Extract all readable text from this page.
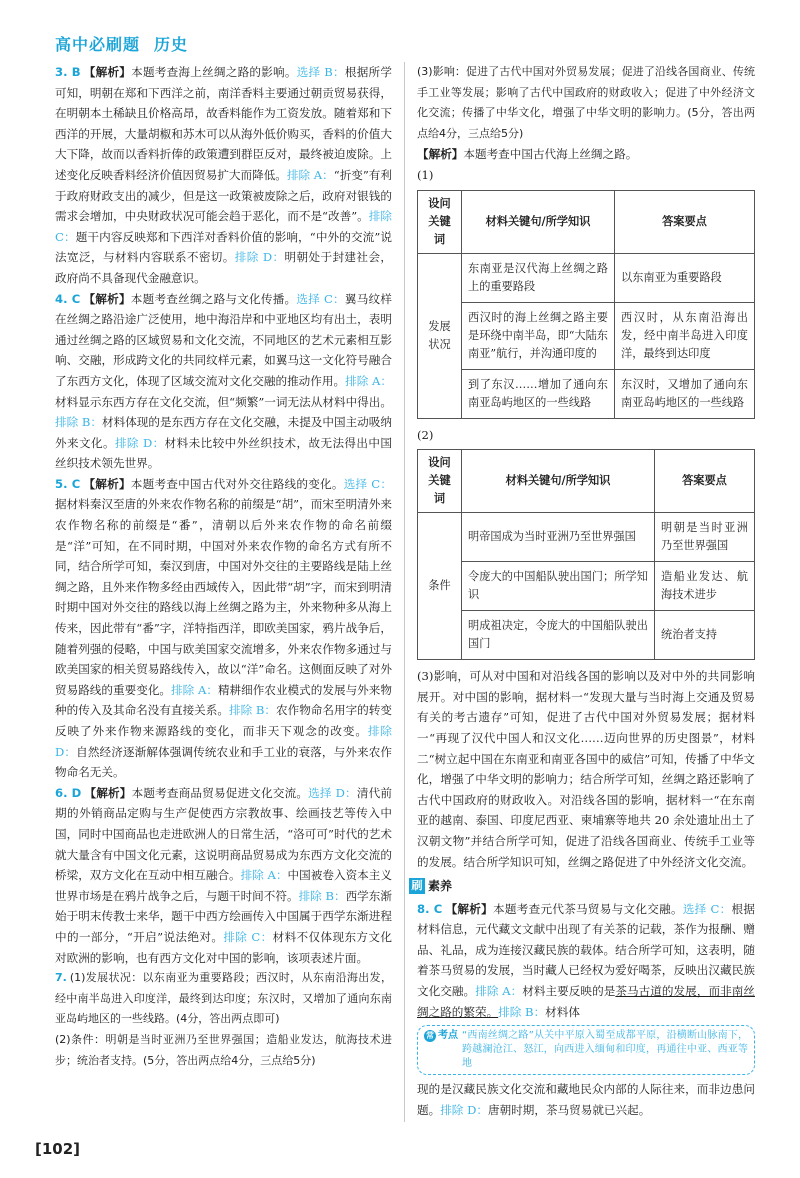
高中必刷题 历史

3. B 【解析】本题考查海上丝绸之路的影响。选择 B：根据所学可知，明朝在郑和下西洋之前，南洋香料主要通过朝贡贸易获得，在明朝本土稀缺且价格高昂，故香料能作为工资发放。随着郑和下西洋的开展，大量胡椒和苏木可以从海外低价购买，香料的价值大大下降，故而以香料折俸的政策遭到群臣反对，最终被迫废除。上述变化反映香料经济价值因贸易扩大而降低。排除 A：“折变”有利于政府财政支出的减少，但是这一政策被废除之后，政府对银钱的需求会增加，中央财政状况可能会趋于恶化，而不是“改善”。排除 C：题干内容反映郑和下西洋对香料价值的影响，“中外的交流”说法宽泛，与材料内容联系不密切。排除 D：明朝处于封建社会，政府尚不具备现代金融意识。

4. C 【解析】本题考查丝绸之路与文化传播。选择 C：翼马纹样在丝绸之路沿途广泛使用，地中海沿岸和中亚地区均有出土，表明通过丝绸之路的区域贸易和文化交流，不同地区的艺术元素相互影响、交融，形成跨文化的共同纹样元素，如翼马这一文化符号融合了东西方文化，体现了区域交流对文化交融的推动作用。排除 A：材料显示东西方存在文化交流，但“频繁”一词无法从材料中得出。排除 B：材料体现的是东西方存在文化交融，未提及中国主动吸纳外来文化。排除 D：材料未比较中外丝织技术，故无法得出中国丝织技术领先世界。

5. C 【解析】本题考查中国古代对外交往路线的变化。选择 C：据材料秦汉至唐的外来农作物名称的前缀是“胡”，而宋至明清外来农作物名称的前缀是“番”，清朝以后外来农作物的命名前缀是“洋”可知，在不同时期，中国对外来农作物的命名方式有所不同，结合所学可知，秦汉到唐，中国对外交往的主要路线是陆上丝绸之路，且外来作物多经由西域传入，因此带“胡”字，而宋到明清时期中国对外交往的路线以海上丝绸之路为主，外来物种多从海上传来，因此带有“番”字，洋特指西洋，即欧美国家，鸦片战争后，随着列强的侵略，中国与欧美国家交流增多，外来农作物多通过与欧美国家的相关贸易路线传入，故以“洋”命名。这侧面反映了对外贸易路线的重要变化。排除 A：精耕细作农业模式的发展与外来物种的传入及其命名没有直接关系。排除 B：农作物命名用字的转变反映了外来作物来源路线的变化，而非天下观念的改变。排除 D：自然经济逐渐解体强调传统农业和手工业的衰落，与外来农作物命名无关。

6. D 【解析】本题考查商品贸易促进文化交流。选择 D：清代前期的外销商品定购与生产促使西方宗教故事、绘画技艺等传入中国，同时中国商品也走进欧洲人的日常生活，“洛可可”时代的艺术就大量含有中国文化元素，这说明商品贸易成为东西方文化交流的桥梁，双方文化在互动中相互融合。排除 A：中国被卷入资本主义世界市场是在鸦片战争之后，与题干时间不符。排除 B：西学东渐始于明末传教士来华，题干中西方绘画传入中国属于西学东渐进程中的一部分，“开启”说法绝对。排除 C：材料不仅体现东方文化对欧洲的影响，也有西方文化对中国的影响，该项表述片面。

7. (1)发展状况：以东南亚为重要路段；西汉时，从东南沿海出发，经中南半岛进入印度洋，最终到达印度；东汉时，又增加了通向东南亚岛屿地区的一些线路。(4分，答出两点即可)

(2)条件：明朝是当时亚洲乃至世界强国；造船业发达，航海技术进步；统治者支持。(5分，答出两点给4分，三点给5分)

(3)影响：促进了古代中国对外贸易发展；促进了沿线各国商业、传统手工业等发展；影响了古代中国政府的财政收入；促进了中外经济文化交流；传播了中华文化，增强了中华文明的影响力。(5分，答出两点给4分，三点给5分)

【解析】本题考查中国古代海上丝绸之路。

(1)

设问关键词	材料关键句/所学知识	答案要点
发展状况	东南亚是汉代海上丝绸之路上的重要路段	以东南亚为重要路段
	西汉时的海上丝绸之路主要是环绕中南半岛，即“大陆东南亚”航行，并沟通印度的	西汉时，从东南沿海出发，经中南半岛进入印度洋，最终到达印度
	到了东汉……增加了通向东南亚岛屿地区的一些线路	东汉时，又增加了通向东南亚岛屿地区的一些线路

(2)

设问关键词	材料关键句/所学知识	答案要点
条件	明帝国成为当时亚洲乃至世界强国	明朝是当时亚洲乃至世界强国
	令庞大的中国船队驶出国门；所学知识	造船业发达、航海技术进步
	明成祖决定，令庞大的中国船队驶出国门	统治者支持

(3)影响，可从对中国和对沿线各国的影响以及对中外的共同影响展开。对中国的影响，据材料一“发现大量与当时海上交通及贸易有关的考古遗存”可知，促进了古代中国对外贸易发展；据材料一“再现了汉代中国人和汉文化……迈向世界的历史图景”，材料二“树立起中国在东南亚和南亚各国中的威信”可知，传播了中华文化，增强了中华文明的影响力；结合所学可知，丝绸之路还影响了古代中国政府的财政收入。对沿线各国的影响，据材料一“在东南亚的越南、泰国、印度尼西亚、柬埔寨等地共 20 余处遗址出土了汉朝文物”并结合所学可知，促进了沿线各国商业、传统手工业等的发展。结合所学知识可知，丝绸之路促进了中外经济文化交流。

刷 素养

8. C 【解析】本题考查元代茶马贸易与文化交融。选择 C：根据材料信息，元代藏文文献中出现了有关茶的记载，茶作为报酬、赠品、礼品，成为连接汉藏民族的载体。结合所学可知，这表明，随着茶马贸易的发展，当时藏人已经权为爱好喝茶，反映出汉藏民族文化交融。排除 A：材料主要反映的是茶马古道的发展，而非南丝绸之路的繁荣。排除 B：材料体

常 考点 “西南丝绸之路”从关中平原入蜀至成都平原，沿横断山脉南下，跨越澜沧江、怒江，向西进入缅甸和印度，再通往中亚、西亚等地

现的是汉藏民族文化交流和藏地民众内部的人际往来，而非边患问题。排除 D：唐朝时期，茶马贸易就已兴起。

[ 102 ]
